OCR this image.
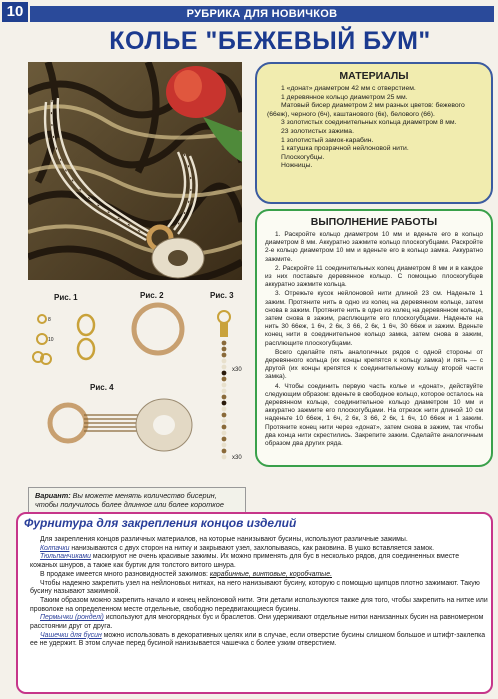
10	РУБРИКА ДЛЯ НОВИЧКОВ
КОЛЬЕ "БЕЖЕВЫЙ БУМ"
МАТЕРИАЛЫ

1 «донат» диаметром 42 мм с отверстием.

1 деревянное кольцо диаметром 25 мм.

Матовый бисер диаметром 2 мм разных цветов: бежевого (66еж), черного (6ч), каштанового (6к), белового (66).

3 золотистых соединительных кольца диаметром 8 мм.

23 золотистых зажима.

1 золотистый замок-карабин.

1 катушка прозрачной нейлоновой нити.

Плоскогубцы.

Ножницы.

ВЫПОЛНЕНИЕ РАБОТЫ

1. Раскройте кольцо диаметром 10 мм и вденьте его в кольцо диаметром 8 мм. Аккуратно зажмите кольцо плоскогубцами. Раскройте 2-е кольцо диаметром 10 мм и вденьте его в кольцо замка. Аккуратно зажмите.

2. Раскройте 11 соединительных колец диаметром 8 мм и в каждое из них поставьте деревянное кольцо. С помощью плоскогубцев аккуратно зажмите кольца.

3. Отрежьте кусок нейлоновой нити длиной 23 см. Наденьте 1 зажим. Протяните нить в одно из колец на деревянном кольце, затем снова в зажим. Протяните нить в одно из колец на деревянном кольце, затем снова в зажим, расплющите его плоскогубцами. Наденьте на нить 30 66еж, 1 6ч, 2 6к, 3 66, 2 6к, 1 6ч, 30 66еж и зажим. Вденьте конец нити в соединительное кольцо замка, затем снова в зажим, расплющите плоскогубцами.

Всего сделайте пять аналогичных рядов с одной стороны от деревянного кольца (их концы крепятся к кольцу замка) и пять — с другой (их концы крепятся к соединительному кольцу второй части замка).

4. Чтобы соединить первую часть колье и «донат», действуйте следующим образом: вденьте в свободное кольцо, которое осталось на деревянном кольце, соединительное кольцо диаметром 10 мм и аккуратно зажмите его плоскогубцами. На отрезок нити длиной 10 см наденьте 10 66еж, 1 6ч, 2 6к, 3 66, 2 6к, 1 6ч, 10 66еж и 1 зажим. Протяните конец нити через «донат», затем снова в зажим, так чтобы два конца нити скрестились. Закрепите зажим. Сделайте аналогичным образом два других ряда.

Рис. 1	Рис. 2	Рис. 3
Рис. 4
8
10
х30
х30
Вариант: Вы можете менять количество бисерин, чтобы получилось более длинное или более короткое
Фурнитура для закрепления концов изделий

Для закрепления концов различных материалов, на которые нанизывают бусины, используют различные зажимы.

Колпачки нанизываются с двух сторон на нитку и закрывают узел, захлопываясь, как раковина. В ушко вставляется замок.

Тюльпанчиками маскируют не очень красивые зажимы. Их можно применять для бус в несколько рядов, для соединенных вместе кожаных шнуров, а также как буртик для толстого витого шнура.

В продаже имеется много разновидностей зажимов: карабинные, винтовые, коробчатые.

Чтобы надежно закрепить узел на нейлоновых нитках, на него нанизывают бусину, которую с помощью щипцов плотно зажимают. Такую бусину называют зажимной.

Таким образом можно закрепить начало и конец нейлоновой нити. Эти детали используются также для того, чтобы закрепить на нитке или проволоке на определенном месте отдельные, свободно передвигающиеся бусины.

Пермычки (ронделі) используют для многорядных бус и браслетов. Они удерживают отдельные нитки нанизанных бусин на равномерном расстоянии друг от друга.

Чашечки для бусин можно использовать в декоративных целях или в случае, если отверстие бусины слишком большое и штифт-заклепка ее не удержит. В этом случае перед бусиной нанизывается чашечка с более узким отверстием.
